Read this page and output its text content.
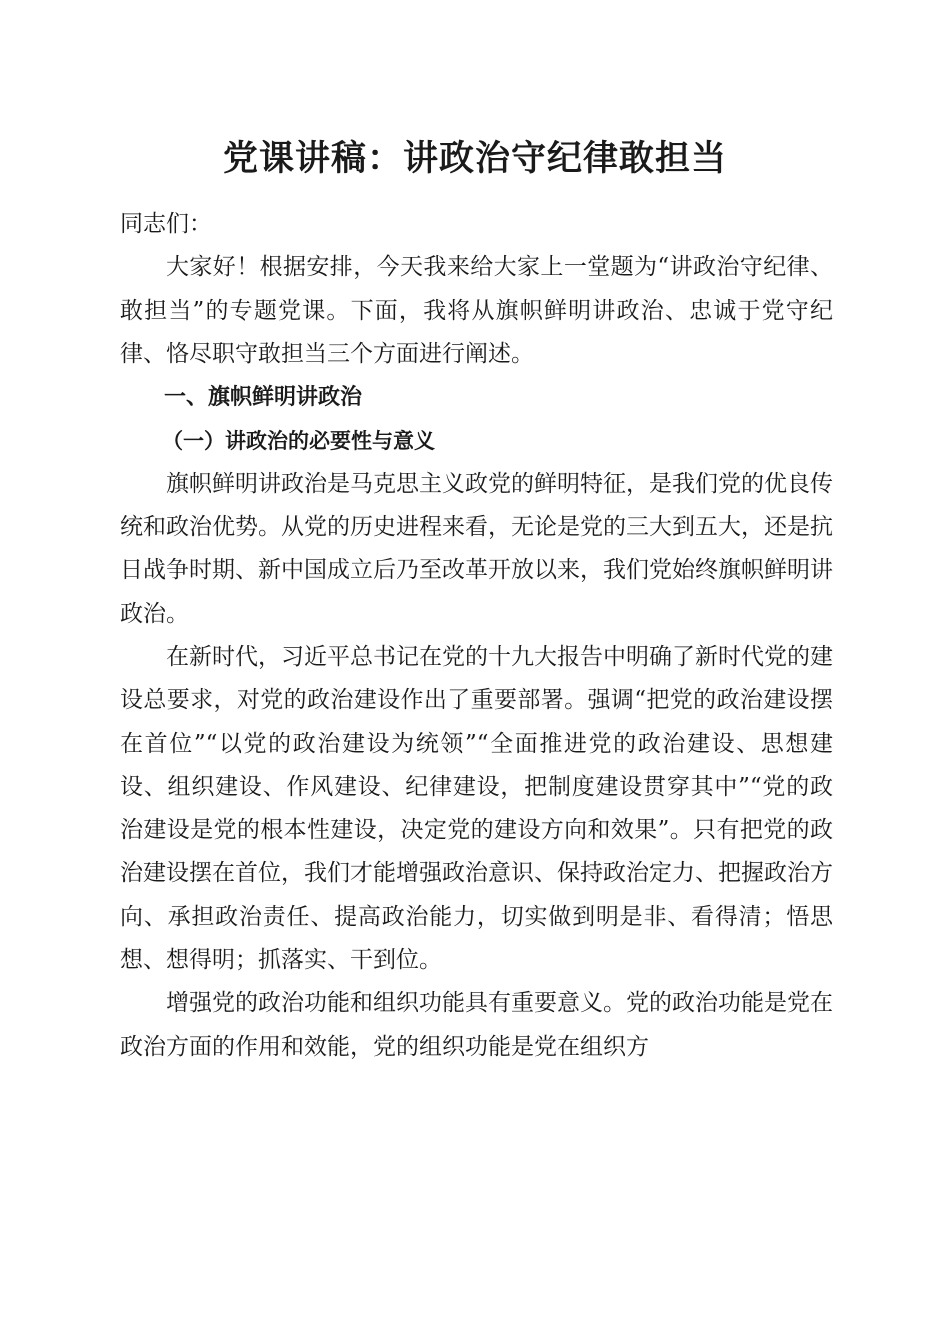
党课讲稿：讲政治守纪律敢担当

同志们：

大家好！根据安排，今天我来给大家上一堂题为“讲政治守纪律、敢担当”的专题党课。下面，我将从旗帜鲜明讲政治、忠诚于党守纪律、恪尽职守敢担当三个方面进行阐述。

一、旗帜鲜明讲政治

（一）讲政治的必要性与意义

旗帜鲜明讲政治是马克思主义政党的鲜明特征，是我们党的优良传统和政治优势。从党的历史进程来看，无论是党的三大到五大，还是抗日战争时期、新中国成立后乃至改革开放以来，我们党始终旗帜鲜明讲政治。

在新时代，习近平总书记在党的十九大报告中明确了新时代党的建设总要求，对党的政治建设作出了重要部署。强调“把党的政治建设摆在首位”“以党的政治建设为统领”“全面推进党的政治建设、思想建设、组织建设、作风建设、纪律建设，把制度建设贯穿其中”“党的政治建设是党的根本性建设，决定党的建设方向和效果”。只有把党的政治建设摆在首位，我们才能增强政治意识、保持政治定力、把握政治方向、承担政治责任、提高政治能力，切实做到明是非、看得清；悟思想、想得明；抓落实、干到位。

增强党的政治功能和组织功能具有重要意义。党的政治功能是党在政治方面的作用和效能，党的组织功能是党在组织方
